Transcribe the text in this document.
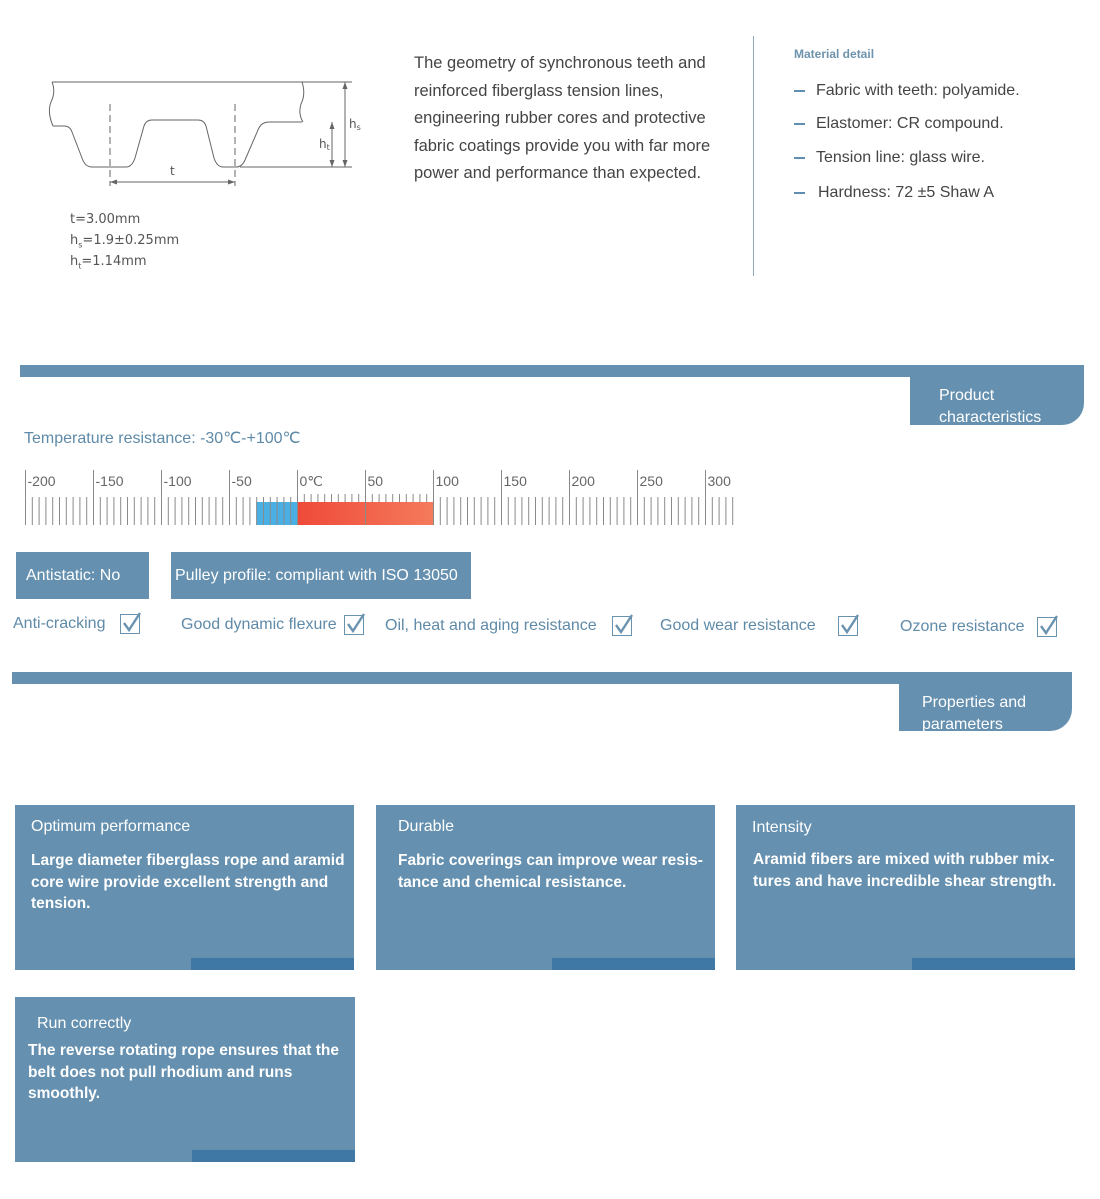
hs
ht
t
t=3.00mm
$h_s=1.9\pm 0.25mm$
$h_t=1.14mm$

The geometry of synchronous teeth and reinforced fiberglass tension lines, engineering rubber cores and protective fabric coatings provide you with far more power and performance than expected.

Material detail
Fabric with teeth: polyamide.
Elastomer: CR compound.
Tension line: glass wire.
Hardness: 72 ±5 Shaw A
Product
characteristics
Temperature resistance: -30℃-+100℃
-200	-150	-100	-50	0℃	50	100	150	200	250	300
Antistatic: No	Pulley profile: compliant with ISO 13050
Anti-cracking	Good dynamic flexure	Oil, heat and aging resistance	Good wear resistance	Ozone resistance
Properties and
parameters
Optimum performance
Large diameter fiberglass rope and aramid core wire provide excellent strength and tension.
Durable
Fabric coverings can improve wear resis- tance and chemical resistance.
Intensity
Aramid fibers are mixed with rubber mix- tures and have incredible shear strength.
Run correctly
The reverse rotating rope ensures that the belt does not pull rhodium and runs smoothly.
